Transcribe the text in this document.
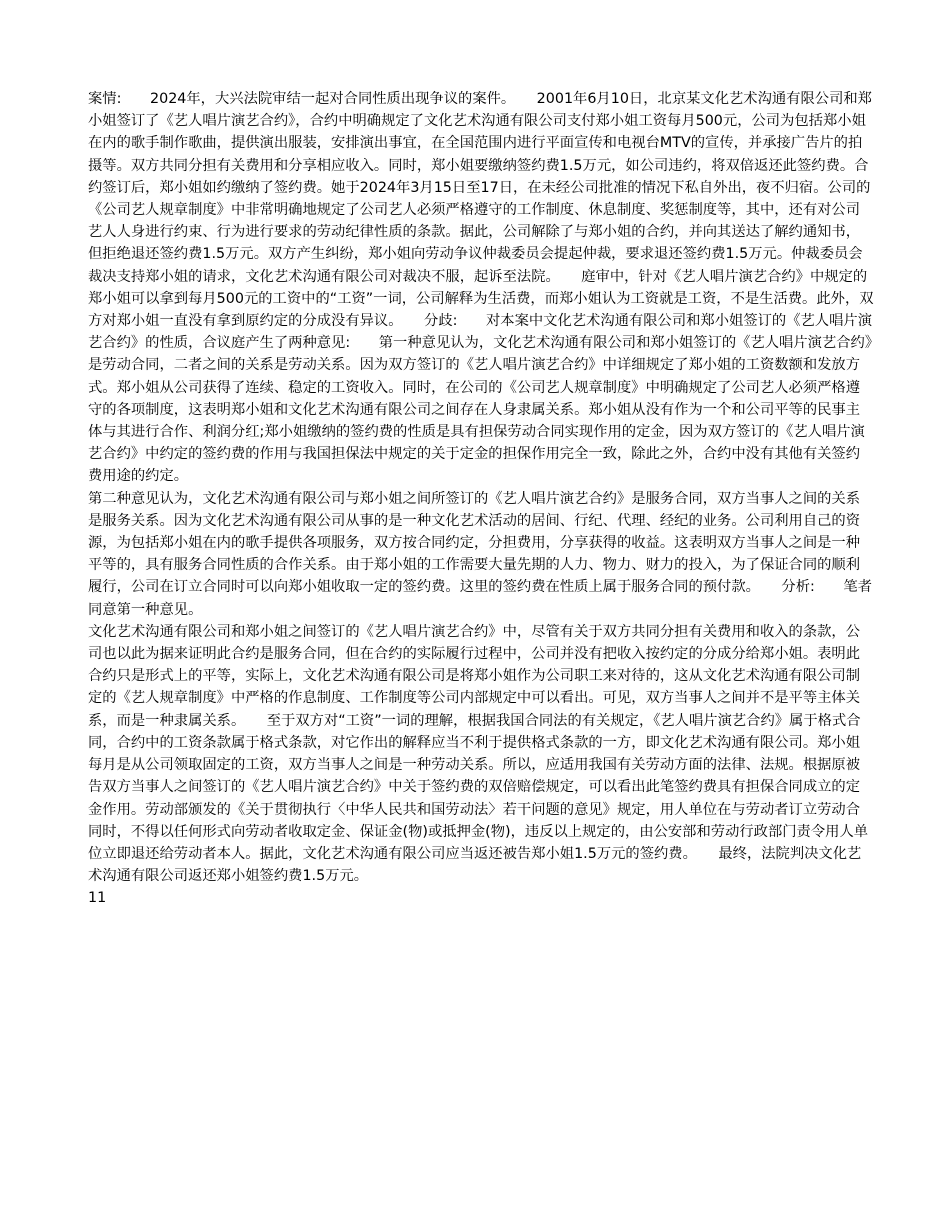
案情:　　2024年，大兴法院审结一起对合同性质出现争议的案件。　　2001年6月10日，北京某文化艺术沟通有限公司和郑小姐签订了《艺人唱片演艺合约》，合约中明确规定了文化艺术沟通有限公司支付郑小姐工资每月500元，公司为包括郑小姐在内的歌手制作歌曲，提供演出服装，安排演出事宜，在全国范围内进行平面宣传和电视台MTV的宣传，并承接广告片的拍摄等。双方共同分担有关费用和分享相应收入。同时，郑小姐要缴纳签约费1.5万元，如公司违约，将双倍返还此签约费。合约签订后，郑小姐如约缴纳了签约费。她于2024年3月15日至17日，在未经公司批准的情况下私自外出，夜不归宿。公司的《公司艺人规章制度》中非常明确地规定了公司艺人必须严格遵守的工作制度、休息制度、奖惩制度等，其中，还有对公司艺人人身进行约束、行为进行要求的劳动纪律性质的条款。据此，公司解除了与郑小姐的合约，并向其送达了解约通知书，但拒绝退还签约费1.5万元。双方产生纠纷，郑小姐向劳动争议仲裁委员会提起仲裁，要求退还签约费1.5万元。仲裁委员会裁决支持郑小姐的请求，文化艺术沟通有限公司对裁决不服，起诉至法院。　　庭审中，针对《艺人唱片演艺合约》中规定的郑小姐可以拿到每月500元的工资中的“工资”一词，公司解释为生活费，而郑小姐认为工资就是工资，不是生活费。此外，双方对郑小姐一直没有拿到原约定的分成没有异议。　　分歧:　　对本案中文化艺术沟通有限公司和郑小姐签订的《艺人唱片演艺合约》的性质，合议庭产生了两种意见:　　第一种意见认为，文化艺术沟通有限公司和郑小姐签订的《艺人唱片演艺合约》是劳动合同，二者之间的关系是劳动关系。因为双方签订的《艺人唱片演艺合约》中详细规定了郑小姐的工资数额和发放方式。郑小姐从公司获得了连续、稳定的工资收入。同时，在公司的《公司艺人规章制度》中明确规定了公司艺人必须严格遵守的各项制度，这表明郑小姐和文化艺术沟通有限公司之间存在人身隶属关系。郑小姐从没有作为一个和公司平等的民事主体与其进行合作、利润分红;郑小姐缴纳的签约费的性质是具有担保劳动合同实现作用的定金，因为双方签订的《艺人唱片演艺合约》中约定的签约费的作用与我国担保法中规定的关于定金的担保作用完全一致，除此之外，合约中没有其他有关签约费用途的约定。

第二种意见认为，文化艺术沟通有限公司与郑小姐之间所签订的《艺人唱片演艺合约》是服务合同，双方当事人之间的关系是服务关系。因为文化艺术沟通有限公司从事的是一种文化艺术活动的居间、行纪、代理、经纪的业务。公司利用自己的资源，为包括郑小姐在内的歌手提供各项服务，双方按合同约定，分担费用，分享获得的收益。这表明双方当事人之间是一种平等的，具有服务合同性质的合作关系。由于郑小姐的工作需要大量先期的人力、物力、财力的投入，为了保证合同的顺利履行，公司在订立合同时可以向郑小姐收取一定的签约费。这里的签约费在性质上属于服务合同的预付款。　　分析:　　笔者同意第一种意见。

文化艺术沟通有限公司和郑小姐之间签订的《艺人唱片演艺合约》中，尽管有关于双方共同分担有关费用和收入的条款，公司也以此为据来证明此合约是服务合同，但在合约的实际履行过程中，公司并没有把收入按约定的分成分给郑小姐。表明此合约只是形式上的平等，实际上，文化艺术沟通有限公司是将郑小姐作为公司职工来对待的，这从文化艺术沟通有限公司制定的《艺人规章制度》中严格的作息制度、工作制度等公司内部规定中可以看出。可见，双方当事人之间并不是平等主体关系，而是一种隶属关系。　　至于双方对“工资”一词的理解，根据我国合同法的有关规定，《艺人唱片演艺合约》属于格式合同，合约中的工资条款属于格式条款，对它作出的解释应当不利于提供格式条款的一方，即文化艺术沟通有限公司。郑小姐每月是从公司领取固定的工资，双方当事人之间是一种劳动关系。所以，应适用我国有关劳动方面的法律、法规。根据原被告双方当事人之间签订的《艺人唱片演艺合约》中关于签约费的双倍赔偿规定，可以看出此笔签约费具有担保合同成立的定金作用。劳动部颁发的《关于贯彻执行〈中华人民共和国劳动法〉若干问题的意见》规定，用人单位在与劳动者订立劳动合同时，不得以任何形式向劳动者收取定金、保证金(物)或抵押金(物)，违反以上规定的，由公安部和劳动行政部门责令用人单位立即退还给劳动者本人。据此，文化艺术沟通有限公司应当返还被告郑小姐1.5万元的签约费。　　最终，法院判决文化艺术沟通有限公司返还郑小姐签约费1.5万元。

11
